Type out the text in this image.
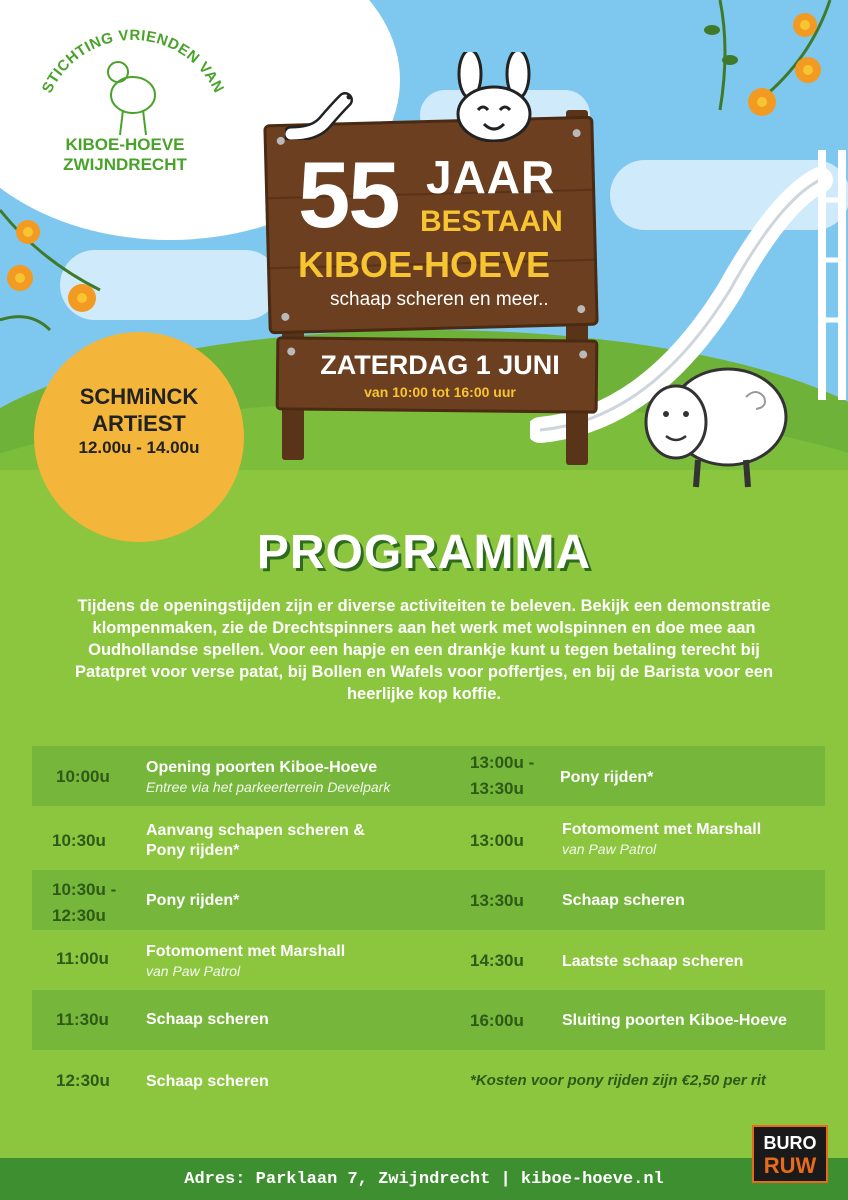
STICHTING VRIENDEN VAN
KIBOE-HOEVE
ZWIJNDRECHT	55 JAAR
BESTAAN
KIBOE-HOEVE
schaap scheren en meer..
ZATERDAG 1 JUNI
van 10:00 tot 16:00 uur
SCHMiNCK
ARTiEST
12.00u - 14.00u
PROGRAMMA
Tijdens de openingstijden zijn er diverse activiteiten te beleven. Bekijk een demonstratie klompenmaken, zie de Drechtspinners aan het werk met wolspinnen en doe mee aan Oudhollandse spellen. Voor een hapje en een drankje kunt u tegen betaling terecht bij Patatpret voor verse patat, bij Bollen en Wafels voor poffertjes, en bij de Barista voor een heerlijke kop koffie.
10:00u Opening poorten Kiboe-Hoeve
Entree via het parkeerterrein Develpark
10:30u
Aanvang schapen scheren & Pony rijden*
10:30u - 12:30u
Pony rijden*
11:00u Fotomoment met Marshall
van Paw Patrol
11:30u Schaap scheren
12:30u Schaap scheren
13:00u - 13:30u
Pony rijden*
13:00u
Fotomoment met Marshall
van Paw Patrol
13:30u Schaap scheren
14:30u Laatste schaap scheren
16:00u Sluiting poorten Kiboe-Hoeve
*Kosten voor pony rijden zijn €2,50 per rit
Adres: Parklaan 7, Zwijndrecht | kiboe-hoeve.nl
BURO
RUW
